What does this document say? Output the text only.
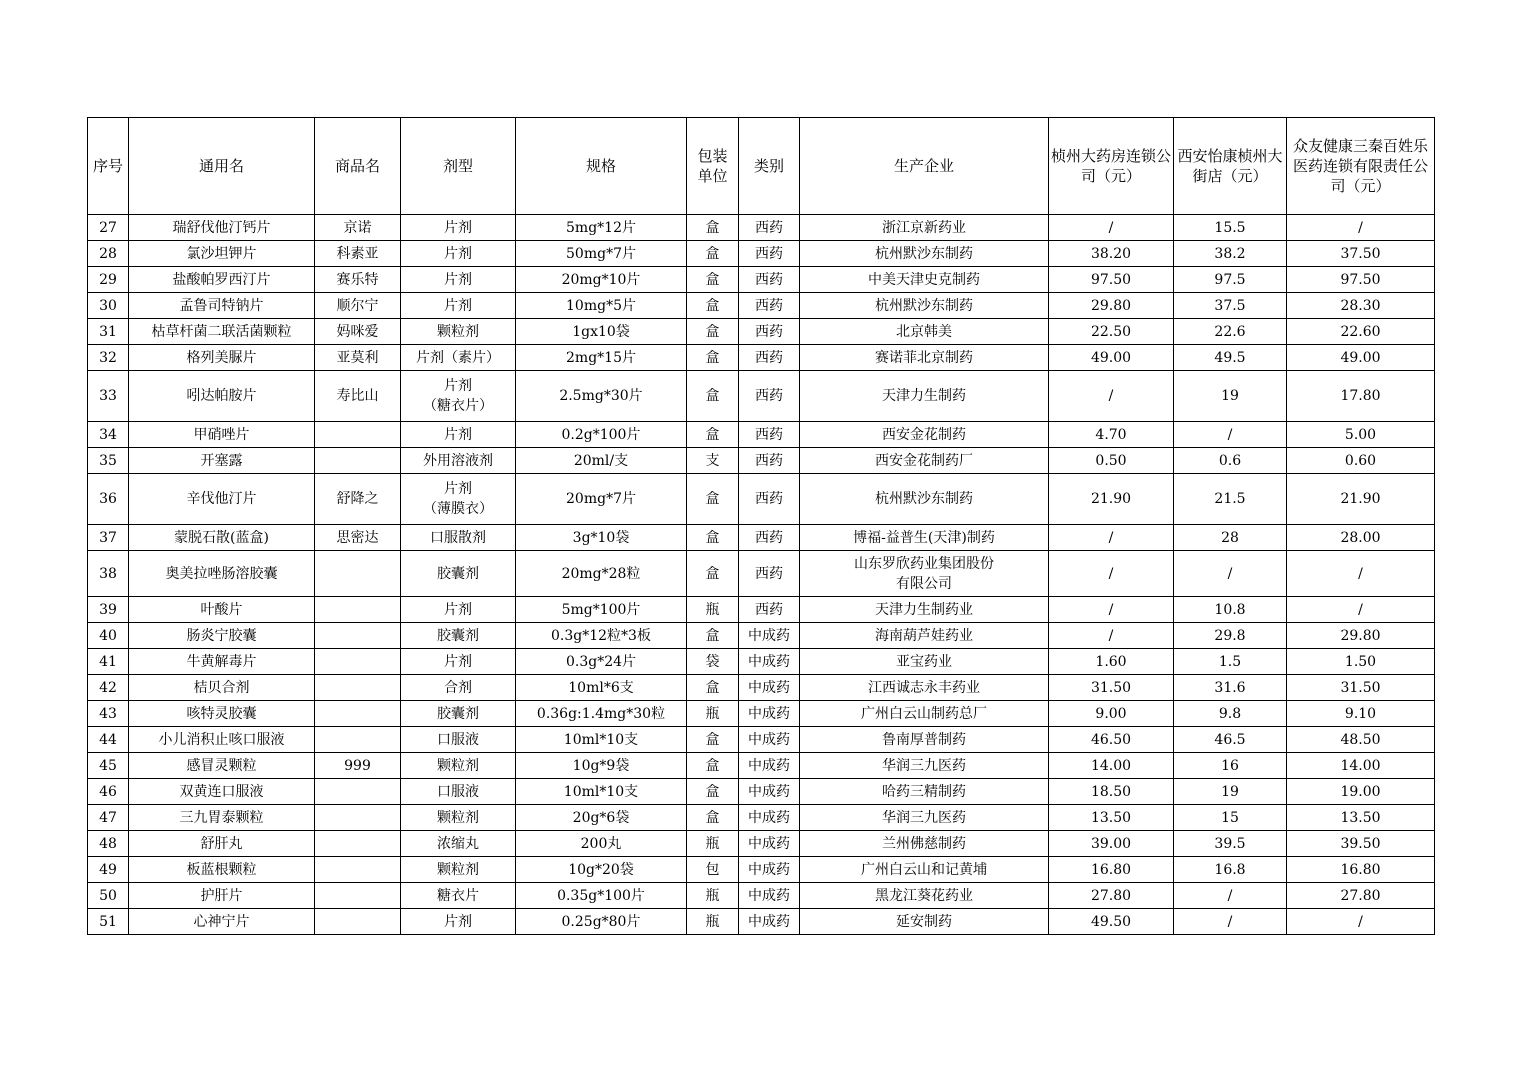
序号	通用名	商品名	剂型	规格	包装单位	类别	生产企业	桢州大药房连锁公司（元）	西安怡康桢州大街店（元）	众友健康三秦百姓乐医药连锁有限责任公司（元）
27	瑞舒伐他汀钙片	京诺	片剂	5mg*12片	盒	西药	浙江京新药业	/	15.5	/
28	氯沙坦钾片	科素亚	片剂	50mg*7片	盒	西药	杭州默沙东制药	38.20	38.2	37.50
29	盐酸帕罗西汀片	赛乐特	片剂	20mg*10片	盒	西药	中美天津史克制药	97.50	97.5	97.50
30	孟鲁司特钠片	顺尔宁	片剂	10mg*5片	盒	西药	杭州默沙东制药	29.80	37.5	28.30
31	枯草杆菌二联活菌颗粒	妈咪爱	颗粒剂	1gx10袋	盒	西药	北京韩美	22.50	22.6	22.60
32	格列美脲片	亚莫利	片剂（素片）	2mg*15片	盒	西药	赛诺菲北京制药	49.00	49.5	49.00
33	吲达帕胺片	寿比山	片剂
（糖衣片）	2.5mg*30片	盒	西药	天津力生制药	/	19	17.80
34	甲硝唑片		片剂	0.2g*100片	盒	西药	西安金花制药	4.70	/	5.00
35	开塞露		外用溶液剂	20ml/支	支	西药	西安金花制药厂	0.50	0.6	0.60
36	辛伐他汀片	舒降之	片剂
（薄膜衣）	20mg*7片	盒	西药	杭州默沙东制药	21.90	21.5	21.90
37	蒙脱石散(蓝盒)	思密达	口服散剂	3g*10袋	盒	西药	博福-益普生(天津)制药	/	28	28.00
38	奥美拉唑肠溶胶囊		胶囊剂	20mg*28粒	盒	西药	山东罗欣药业集团股份
有限公司	/	/	/
39	叶酸片		片剂	5mg*100片	瓶	西药	天津力生制药业	/	10.8	/
40	肠炎宁胶囊		胶囊剂	0.3g*12粒*3板	盒	中成药	海南葫芦娃药业	/	29.8	29.80
41	牛黄解毒片		片剂	0.3g*24片	袋	中成药	亚宝药业	1.60	1.5	1.50
42	桔贝合剂		合剂	10ml*6支	盒	中成药	江西诚志永丰药业	31.50	31.6	31.50
43	咳特灵胶囊		胶囊剂	0.36g:1.4mg*30粒	瓶	中成药	广州白云山制药总厂	9.00	9.8	9.10
44	小儿消积止咳口服液		口服液	10ml*10支	盒	中成药	鲁南厚普制药	46.50	46.5	48.50
45	感冒灵颗粒	999	颗粒剂	10g*9袋	盒	中成药	华润三九医药	14.00	16	14.00
46	双黄连口服液		口服液	10ml*10支	盒	中成药	哈药三精制药	18.50	19	19.00
47	三九胃泰颗粒		颗粒剂	20g*6袋	盒	中成药	华润三九医药	13.50	15	13.50
48	舒肝丸		浓缩丸	200丸	瓶	中成药	兰州佛慈制药	39.00	39.5	39.50
49	板蓝根颗粒		颗粒剂	10g*20袋	包	中成药	广州白云山和记黄埔	16.80	16.8	16.80
50	护肝片		糖衣片	0.35g*100片	瓶	中成药	黑龙江葵花药业	27.80	/	27.80
51	心神宁片		片剂	0.25g*80片	瓶	中成药	延安制药	49.50	/	/
